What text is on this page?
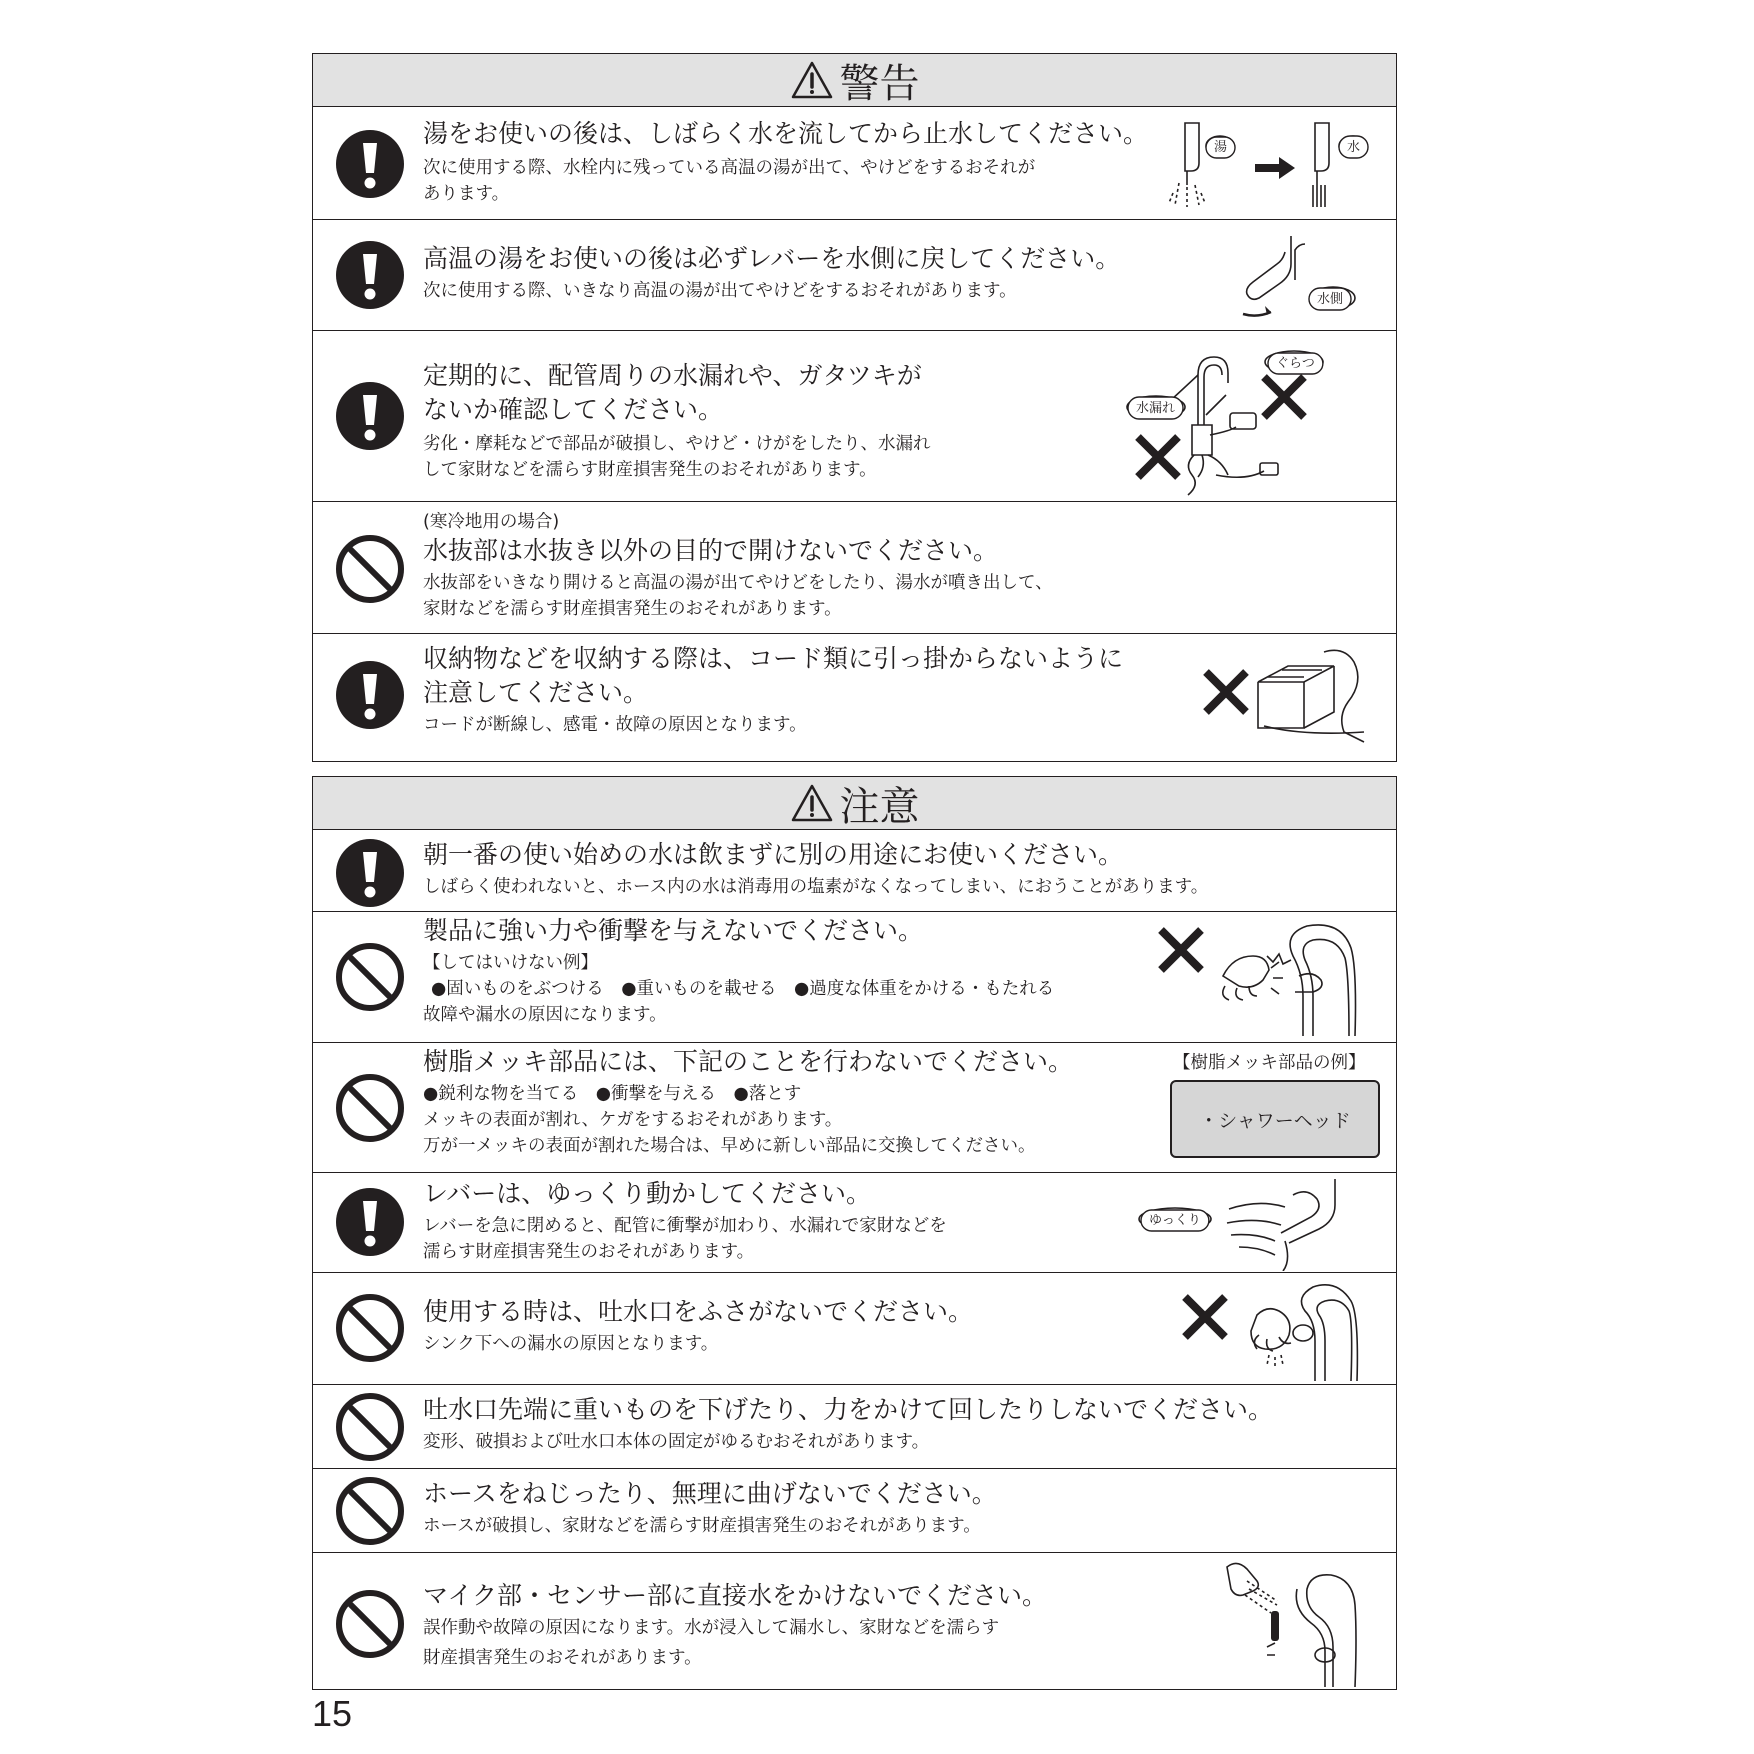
警告
湯をお使いの後は、しばらく水を流してから止水してください。
次に使用する際、水栓内に残っている高温の湯が出て、やけどをするおそれが
あります。
湯	水
高温の湯をお使いの後は必ずレバーを水側に戻してください。
次に使用する際、いきなり高温の湯が出てやけどをするおそれがあります。	水側
定期的に、配管周りの水漏れや、ガタツキが
ないか確認してください。
劣化・摩耗などで部品が破損し、やけど・けがをしたり、水漏れ
して家財などを濡らす財産損害発生のおそれがあります。
水漏れ
ぐらつ
(寒冷地用の場合)
水抜部は水抜き以外の目的で開けないでください。
水抜部をいきなり開けると高温の湯が出てやけどをしたり、湯水が噴き出して、
家財などを濡らす財産損害発生のおそれがあります。
収納物などを収納する際は、コード類に引っ掛からないように
注意してください。
コードが断線し、感電・故障の原因となります。
注意
朝一番の使い始めの水は飲まずに別の用途にお使いください。
しばらく使われないと、ホース内の水は消毒用の塩素がなくなってしまい、におうことがあります。
製品に強い力や衝撃を与えないでください。
【してはいけない例】
●固いものをぶつける　●重いものを載せる　●過度な体重をかける・もたれる
故障や漏水の原因になります。
樹脂メッキ部品には、下記のことを行わないでください。
●鋭利な物を当てる　●衝撃を与える　●落とす
メッキの表面が割れ、ケガをするおそれがあります。
万が一メッキの表面が割れた場合は、早めに新しい部品に交換してください。
【樹脂メッキ部品の例】
・シャワーヘッド
レバーは、ゆっくり動かしてください。
レバーを急に閉めると、配管に衝撃が加わり、水漏れで家財などを
濡らす財産損害発生のおそれがあります。
ゆっくり
使用する時は、吐水口をふさがないでください。
シンク下への漏水の原因となります。
吐水口先端に重いものを下げたり、力をかけて回したりしないでください。
変形、破損および吐水口本体の固定がゆるむおそれがあります。
ホースをねじったり、無理に曲げないでください。
ホースが破損し、家財などを濡らす財産損害発生のおそれがあります。
マイク部・センサー部に直接水をかけないでください。
誤作動や故障の原因になります。水が浸入して漏水し、家財などを濡らす
財産損害発生のおそれがあります。
15
